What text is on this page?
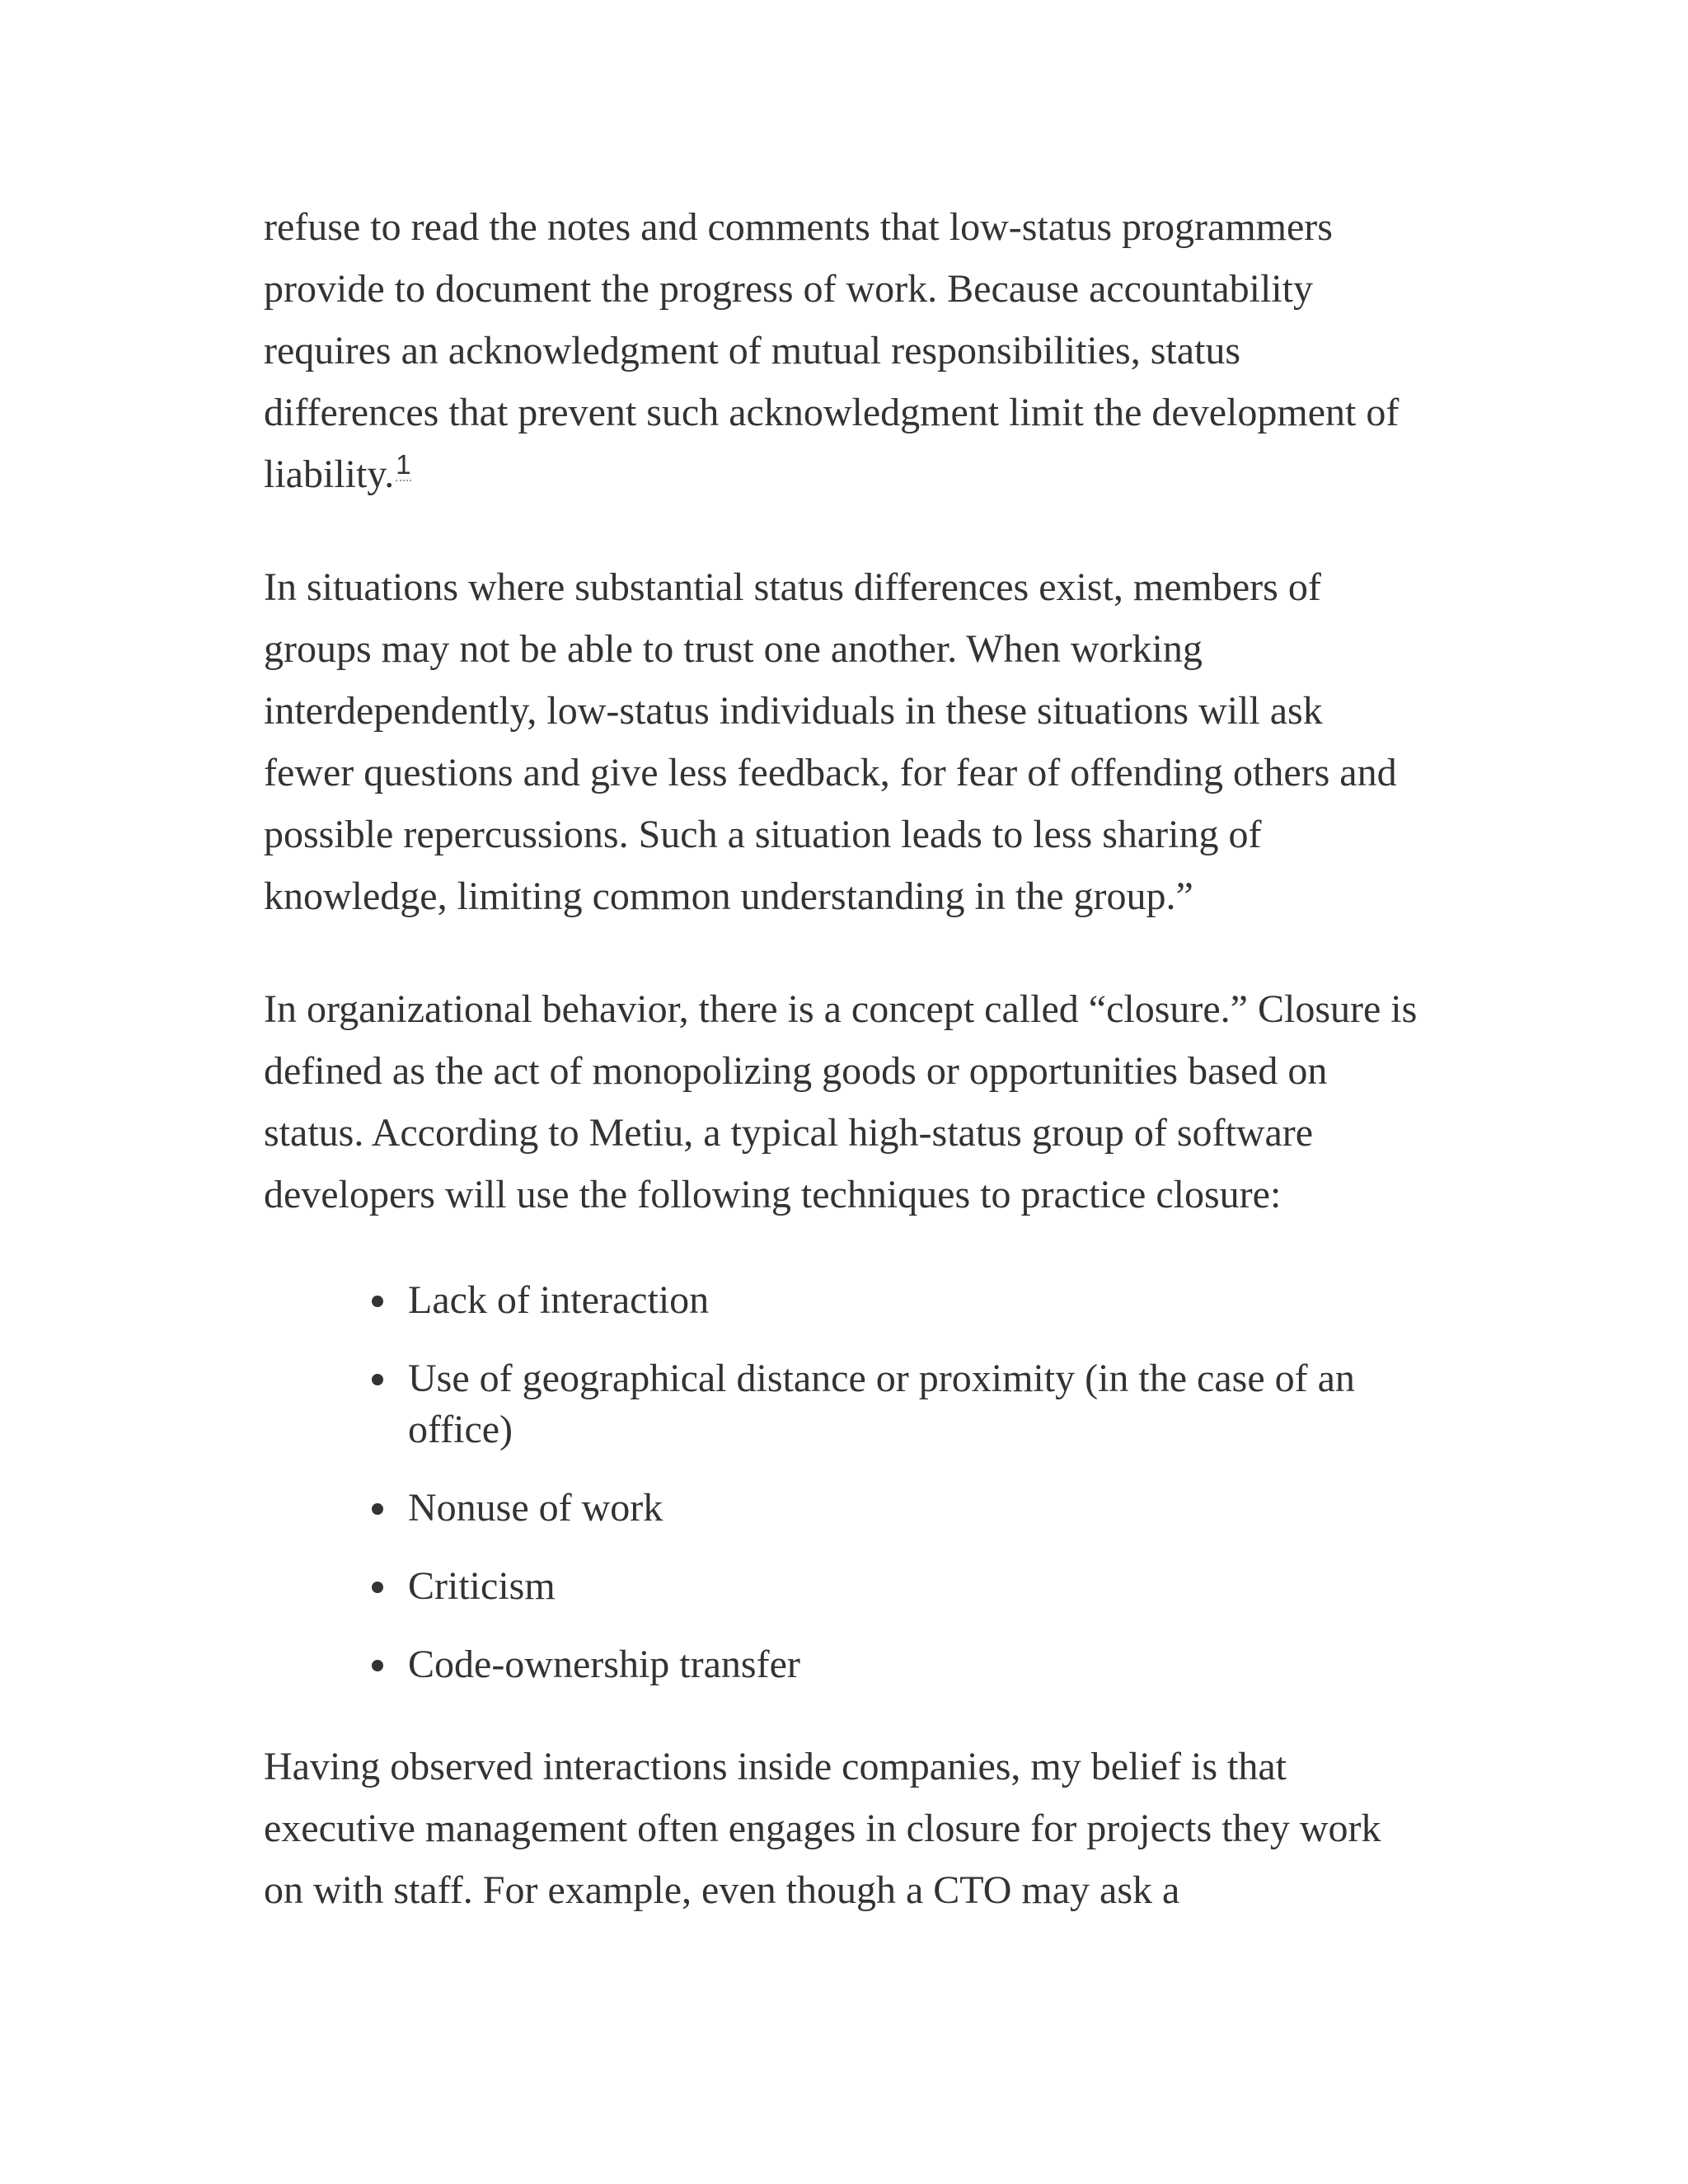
refuse to read the notes and comments that low-status programmers provide to document the progress of work. Because accountability requires an acknowledgment of mutual responsibilities, status differences that prevent such acknowledgment limit the development of liability.$^1$

In situations where substantial status differences exist, members of groups may not be able to trust one another. When working interdependently, low-status individuals in these situations will ask fewer questions and give less feedback, for fear of offending others and possible repercussions. Such a situation leads to less sharing of knowledge, limiting common understanding in the group.”

In organizational behavior, there is a concept called “closure.” Closure is defined as the act of monopolizing goods or opportunities based on status. According to Metiu, a typical high-status group of software developers will use the following techniques to practice closure:

Lack of interaction
Use of geographical distance or proximity (in the case of an office)
Nonuse of work
Criticism
Code-ownership transfer

Having observed interactions inside companies, my belief is that executive management often engages in closure for projects they work on with staff. For example, even though a CTO may ask a
